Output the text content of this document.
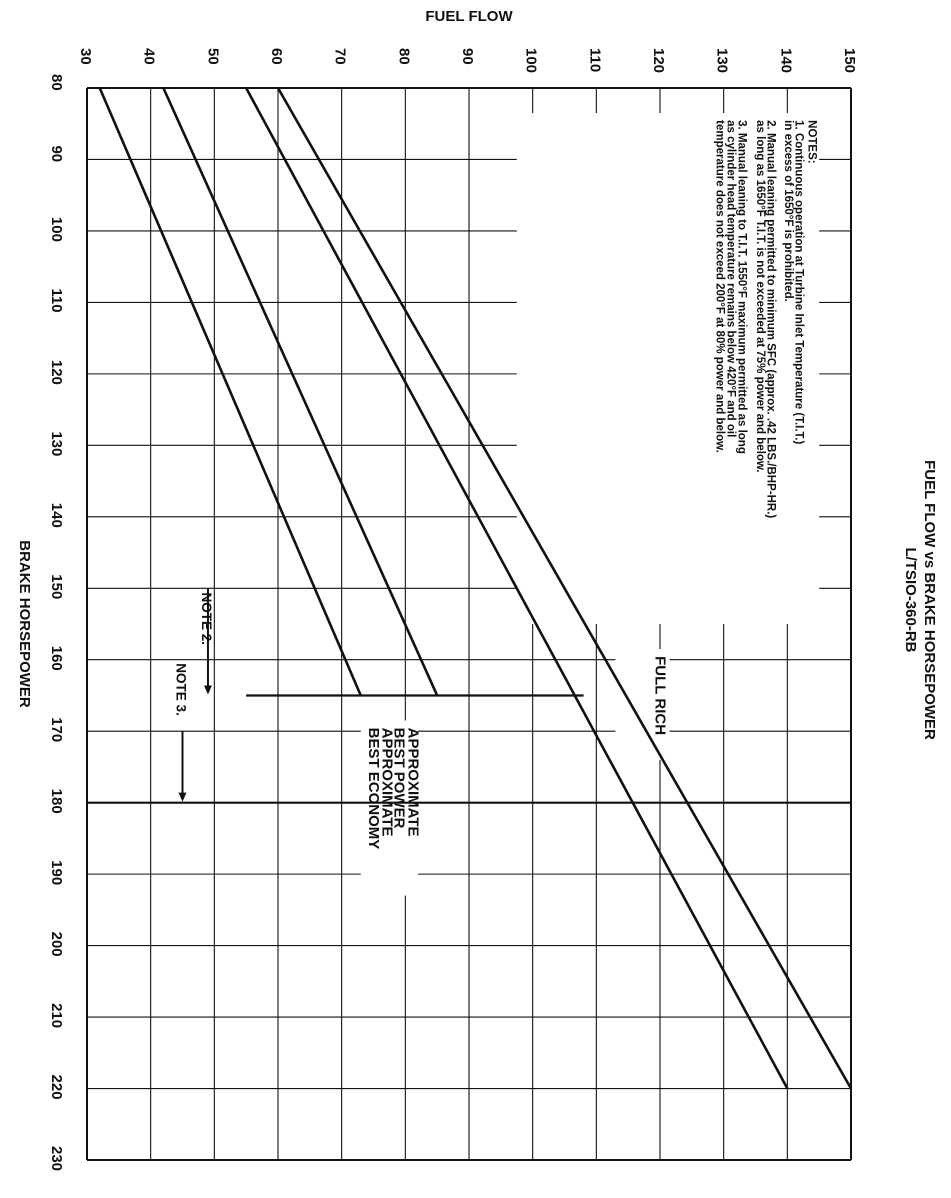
30	40	50	60	70	80	90	100	110	120	130	140	150
80
90
100
110
120
130
140
150
160
170
180
190
200
210
220
230
NOTE 2.
NOTE 3.
NOTES:
1. Continuous operation at Turbine Inlet Temperature (T.I.T.)
in excess of 1650°F is prohibited.
2. Manual leaning permitted to minimum SFC (approx. .42 LBS./BHP-HR.)
as long as 1650°F T.I.T. is not exceeded at 75% power and below.
3. Manual leaning to T.I.T. 1550°F maximum permitted as long
as cylinder head temperature remains below 420°F and oil
temperature does not exceed 200°F at 80% power and below.
FULL RICH
APPROXIMATE
BEST POWER
APPROXIMATE
BEST ECONOMY
FUEL FLOW
BRAKE HORSEPOWER	FUEL FLOW vs BRAKE HORSEPOWER
L/TSIO-360-RB
